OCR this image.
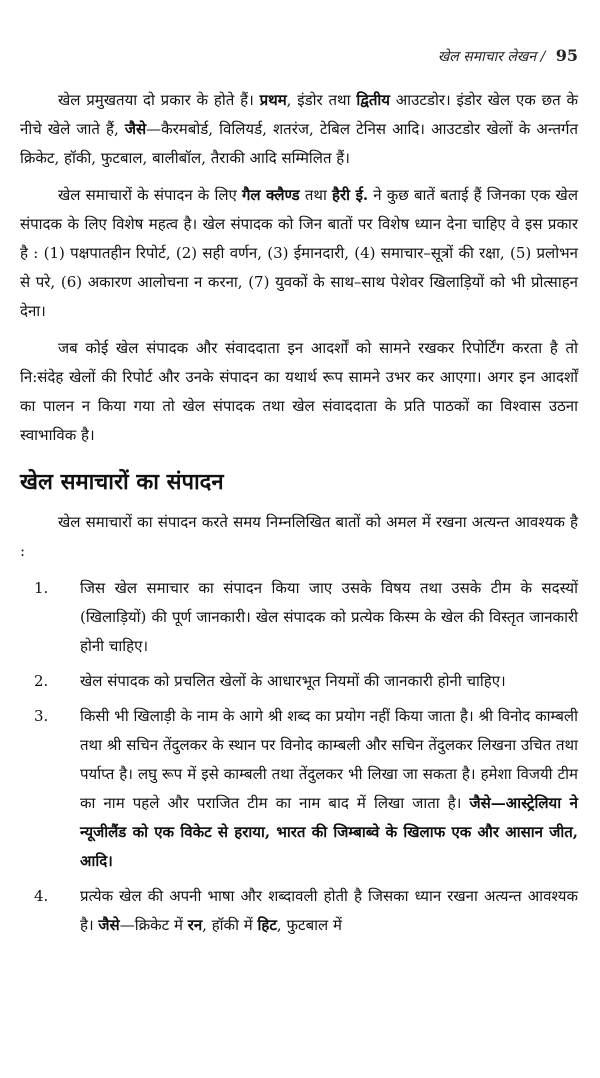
खेल समाचार लेखन / 95

खेल प्रमुखतया दो प्रकार के होते हैं। प्रथम, इंडोर तथा द्वितीय आउटडोर। इंडोर खेल एक छत के नीचे खेले जाते हैं, जैसे—कैरमबोर्ड, विलियर्ड, शतरंज, टेबिल टेनिस आदि। आउटडोर खेलों के अन्तर्गत क्रिकेट, हॉकी, फुटबाल, बालीबॉल, तैराकी आदि सम्मिलित हैं।

खेल समाचारों के संपादन के लिए गैल क्लैण्ड तथा हैरी ई. ने कुछ बातें बताई हैं जिनका एक खेल संपादक के लिए विशेष महत्व है। खेल संपादक को जिन बातों पर विशेष ध्यान देना चाहिए वे इस प्रकार है : (1) पक्षपातहीन रिपोर्ट, (2) सही वर्णन, (3) ईमानदारी, (4) समाचार–सूत्रों की रक्षा, (5) प्रलोभन से परे, (6) अकारण आलोचना न करना, (7) युवकों के साथ–साथ पेशेवर खिलाड़ियों को भी प्रोत्साहन देना।

जब कोई खेल संपादक और संवाददाता इन आदर्शों को सामने रखकर रिपोर्टिंग करता है तो नि:संदेह खेलों की रिपोर्ट और उनके संपादन का यथार्थ रूप सामने उभर कर आएगा। अगर इन आदर्शों का पालन न किया गया तो खेल संपादक तथा खेल संवाददाता के प्रति पाठकों का विश्वास उठना स्वाभाविक है।

खेल समाचारों का संपादन

खेल समाचारों का संपादन करते समय निम्नलिखित बातों को अमल में रखना अत्यन्त आवश्यक है :

1.	जिस खेल समाचार का संपादन किया जाए उसके विषय तथा उसके टीम के सदस्यों (खिलाड़ियों) की पूर्ण जानकारी। खेल संपादक को प्रत्येक किस्म के खेल की विस्तृत जानकारी होनी चाहिए।
2.	खेल संपादक को प्रचलित खेलों के आधारभूत नियमों की जानकारी होनी चाहिए।
3.	किसी भी खिलाड़ी के नाम के आगे श्री शब्द का प्रयोग नहीं किया जाता है। श्री विनोद काम्बली तथा श्री सचिन तेंदुलकर के स्थान पर विनोद काम्बली और सचिन तेंदुलकर लिखना उचित तथा पर्याप्त है। लघु रूप में इसे काम्बली तथा तेंदुलकर भी लिखा जा सकता है। हमेशा विजयी टीम का नाम पहले और पराजित टीम का नाम बाद में लिखा जाता है। जैसे—आस्ट्रेलिया ने न्यूजीलैंड को एक विकेट से हराया, भारत की जिम्बाब्वे के खिलाफ एक और आसान जीत, आदि।
4.	प्रत्येक खेल की अपनी भाषा और शब्दावली होती है जिसका ध्यान रखना अत्यन्त आवश्यक है। जैसे—क्रिकेट में रन, हॉकी में हिट, फुटबाल में
